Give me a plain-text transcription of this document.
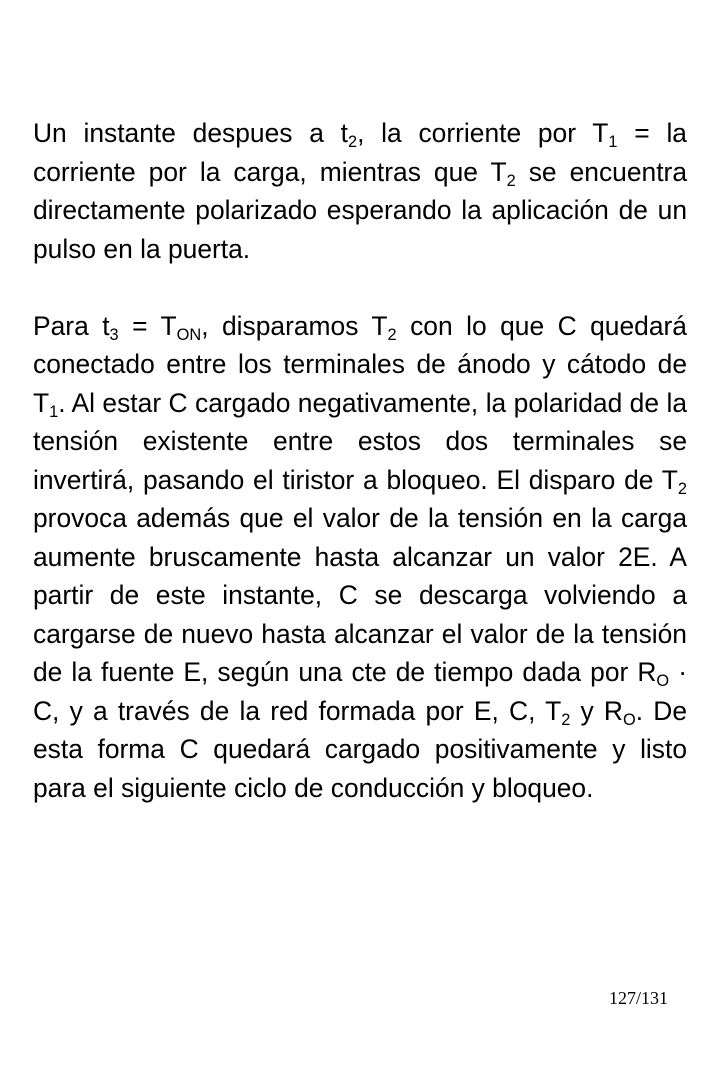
Un instante despues a $t_2$, la corriente por $T_1$ = la corriente por la carga, mientras que $T_2$ se encuentra directamente polarizado esperando la aplicación de un pulso en la puerta.

Para $t_3 = T_{ON}$, disparamos $T_2$ con lo que C quedará conectado entre los terminales de ánodo y cátodo de $T_1$. Al estar C cargado negativamente, la polaridad de la tensión existente entre estos dos terminales se invertirá, pasando el tiristor a bloqueo. El disparo de $T_2$ provoca además que el valor de la tensión en la carga aumente bruscamente hasta alcanzar un valor 2E. A partir de este instante, C se descarga volviendo a cargarse de nuevo hasta alcanzar el valor de la tensión de la fuente E, según una cte de tiempo dada por $R_O \cdot C$, y a través de la red formada por E, C, $T_2$ y $R_O$. De esta forma C quedará cargado positivamente y listo para el siguiente ciclo de conducción y bloqueo.

127/131
